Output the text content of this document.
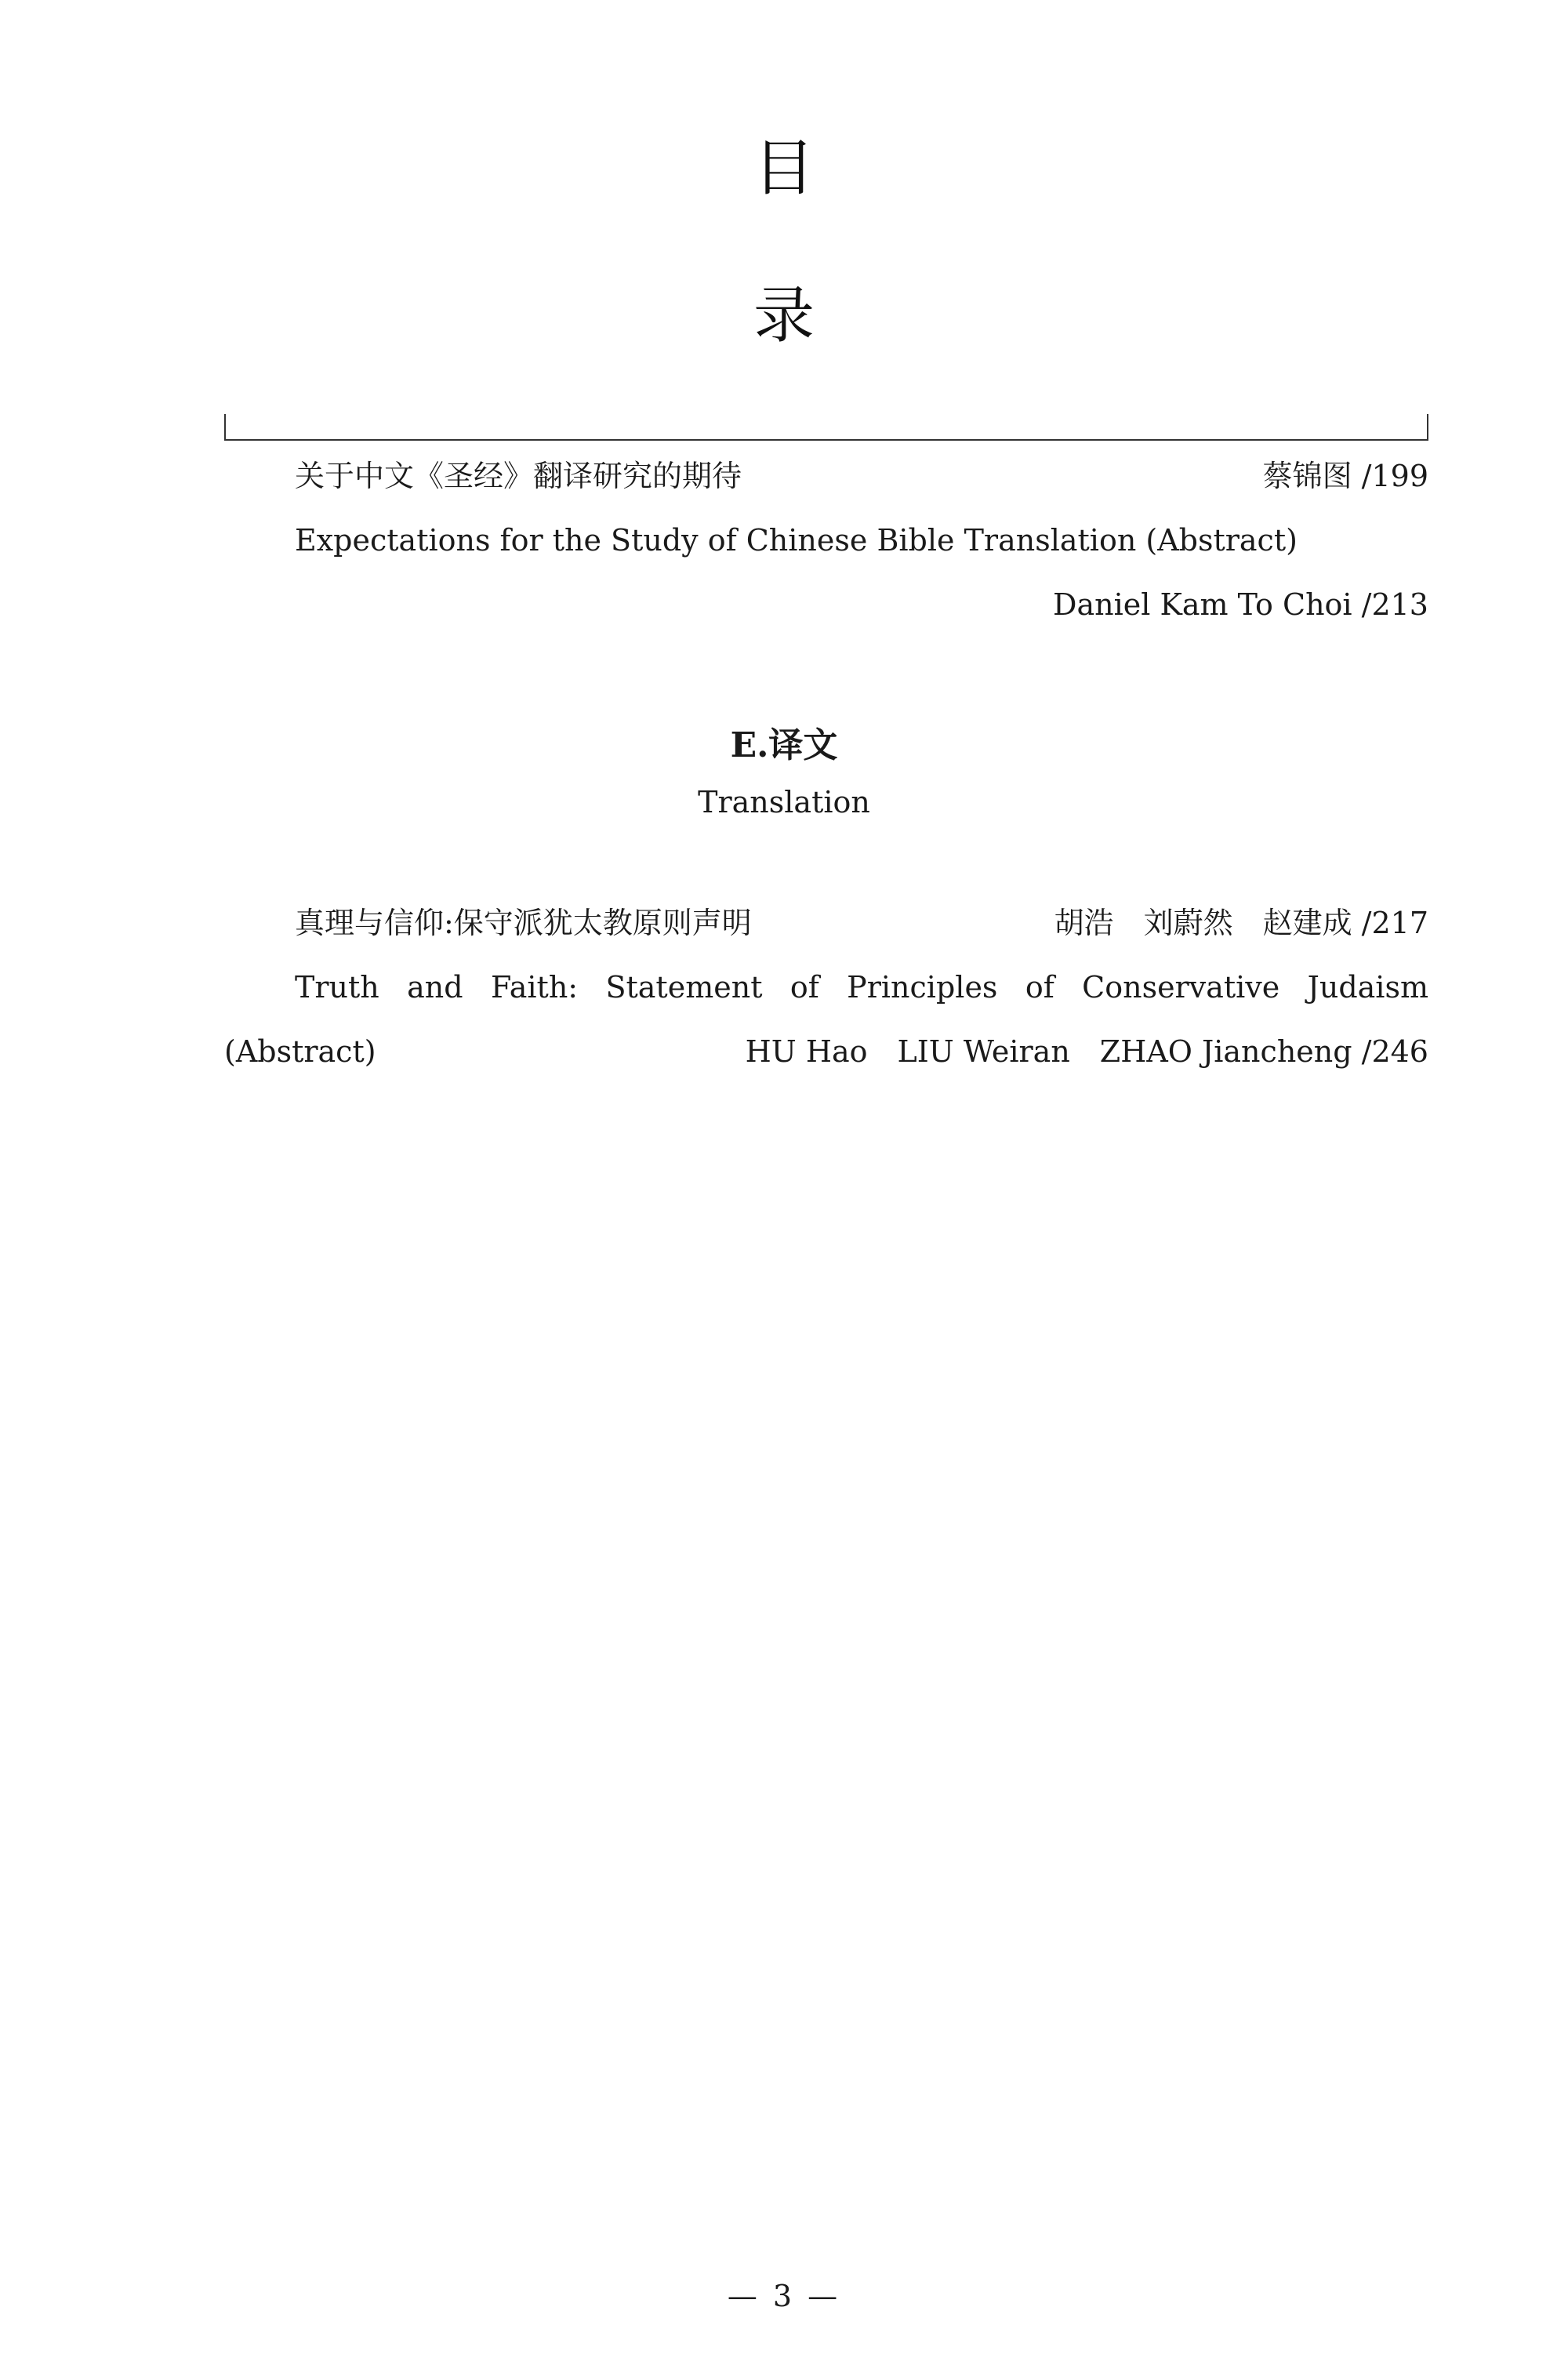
目
录
关于中文《圣经》翻译研究的期待	蔡锦图 /199
Expectations for the Study of Chinese Bible Translation (Abstract)
Daniel Kam To Choi /213
E.译文
Translation
真理与信仰:保守派犹太教原则声明	胡浩　刘蔚然　赵建成 /217
Truth and Faith: Statement of Principles of Conservative Judaism
(Abstract)	HU Hao　LIU Weiran　ZHAO Jiancheng /246
— 3 —
